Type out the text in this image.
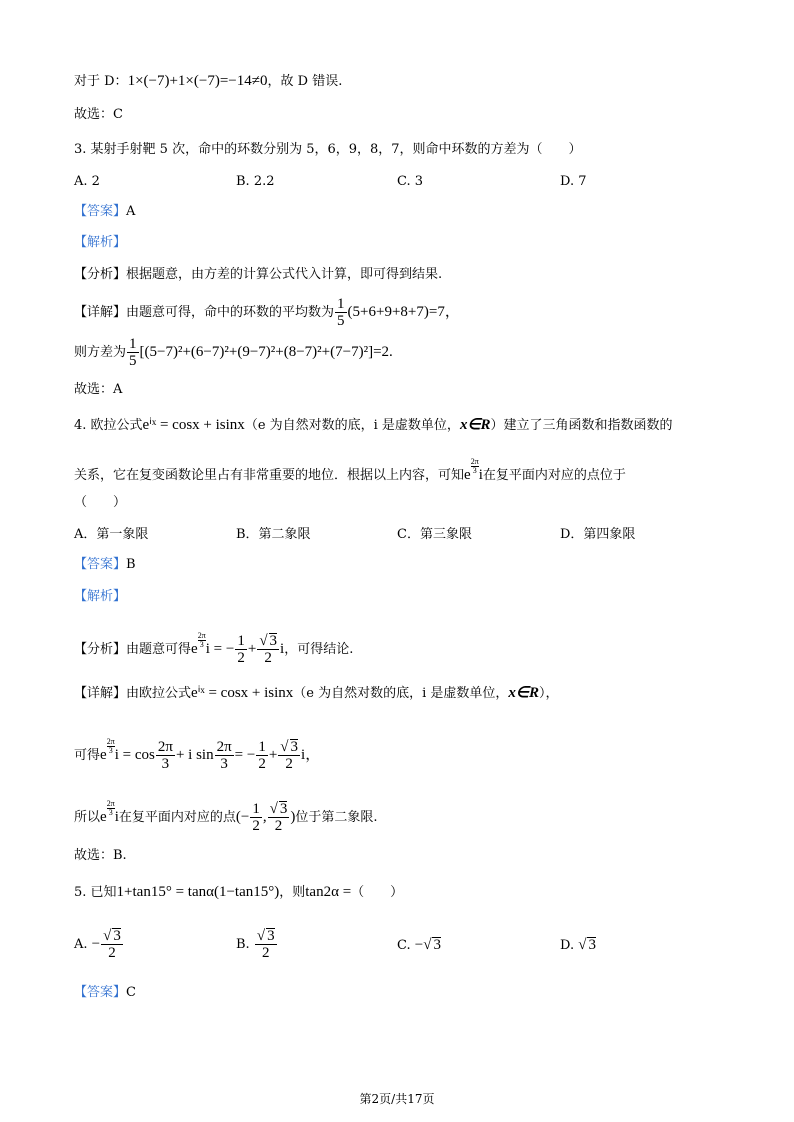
对于 D：1×(−7)+1×(−7)=−14≠0，故 D 错误.
故选：C
3. 某射手射靶 5 次，命中的环数分别为 5，6，9，8，7，则命中环数的方差为（　　）
A. 2	B. 2.2	C. 3	D. 7
【答案】A
【解析】
【分析】根据题意，由方差的计算公式代入计算，即可得到结果.
【详解】由题意可得，命中的环数的平均数为 $\frac{1}{5} (5+6+9+8+7)=7$，
则方差为 $\frac{1}{5} [(5-7)^2+(6-7)^2+(9-7)^2+(8-7)^2+(7-7)^2]=2$.
故选：A
4. 欧拉公式eⁱˣ = cosx + isinx（e 为自然对数的底，i 是虚数单位，x∈R）建立了三角函数和指数函数的
关系，它在复变函数论里占有非常重要的地位．根据以上内容，可知e $\frac{2\pi}{3}$ i在复平面内对应的点位于
（　　）
A．第一象限	B．第二象限	C．第三象限	D．第四象限
【答案】B
【解析】
【分析】由题意可得e $\frac{2\pi}{3}$ i = − $\frac{1}{2} + \frac{√ 3}{2}$ i，可得结论.
【详解】由欧拉公式eⁱˣ = cosx + isinx（e 为自然对数的底，i 是虚数单位，x∈R），
可得e $\frac{2\pi}{3}$ $i = \cos \frac{2\pi}{3} + i$ $\sin \frac{2\pi}{3}$ = − $\frac{1}{2} + \frac{√ 3}{2}$ i，
所以e $\frac{2\pi}{3}$ i在复平面内对应的点(− $\frac{1}{2}$ , $\frac{√ 3}{2}$ )位于第二象限.
故选：B.
5. 已知1+tan15° = tanα(1−tan15°)，则tan2α =（　　）
A. − $\frac{√ 3}{2}$	B. $\frac{√ 3}{2}$	C. −√ 3	D. √ 3
【答案】C
第2页/共17页
